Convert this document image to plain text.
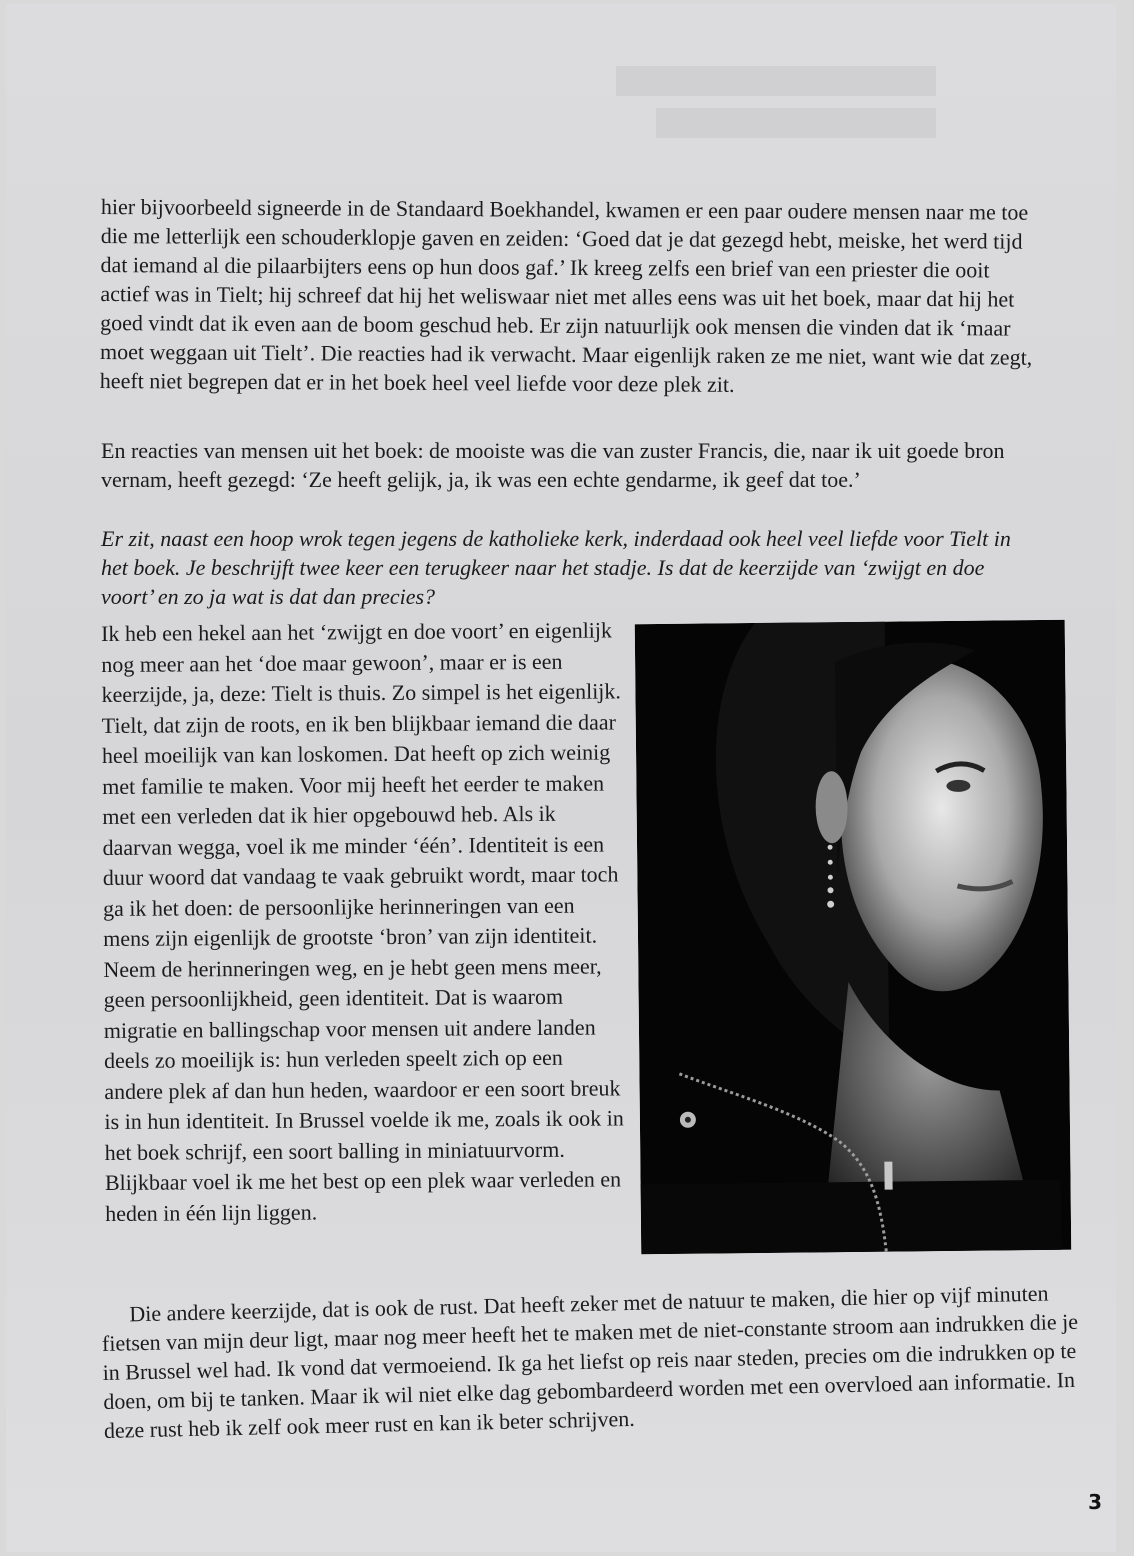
hier bijvoorbeeld signeerde in de Standaard Boekhandel, kwamen er een paar oudere mensen naar me toe die me letterlijk een schouderklopje gaven en zeiden: ‘Goed dat je dat gezegd hebt, meiske, het werd tijd dat iemand al die pilaarbijters eens op hun doos gaf.’ Ik kreeg zelfs een brief van een priester die ooit actief was in Tielt; hij schreef dat hij het weliswaar niet met alles eens was uit het boek, maar dat hij het goed vindt dat ik even aan de boom geschud heb. Er zijn natuurlijk ook mensen die vinden dat ik ‘maar moet weggaan uit Tielt’. Die reacties had ik verwacht. Maar eigenlijk raken ze me niet, want wie dat zegt, heeft niet begrepen dat er in het boek heel veel liefde voor deze plek zit.

En reacties van mensen uit het boek: de mooiste was die van zuster Francis, die, naar ik uit goede bron vernam, heeft gezegd: ‘Ze heeft gelijk, ja, ik was een echte gendarme, ik geef dat toe.’

Er zit, naast een hoop wrok tegen jegens de katholieke kerk, inderdaad ook heel veel liefde voor Tielt in het boek. Je beschrijft twee keer een terugkeer naar het stadje. Is dat de keerzijde van ‘zwijgt en doe voort’ en zo ja wat is dat dan precies?

Ik heb een hekel aan het ‘zwijgt en doe voort’ en eigenlijk nog meer aan het ‘doe maar gewoon’, maar er is een keerzijde, ja, deze: Tielt is thuis. Zo simpel is het eigenlijk. Tielt, dat zijn de roots, en ik ben blijkbaar iemand die daar heel moeilijk van kan loskomen. Dat heeft op zich weinig met familie te maken. Voor mij heeft het eerder te maken met een verleden dat ik hier opgebouwd heb. Als ik daarvan wegga, voel ik me minder ‘één’. Identiteit is een duur woord dat vandaag te vaak gebruikt wordt, maar toch ga ik het doen: de persoonlijke herinneringen van een mens zijn eigenlijk de grootste ‘bron’ van zijn identiteit. Neem de herinneringen weg, en je hebt geen mens meer, geen persoonlijkheid, geen identiteit. Dat is waarom migratie en ballingschap voor mensen uit andere landen deels zo moeilijk is: hun verleden speelt zich op een andere plek af dan hun heden, waardoor er een soort breuk is in hun identiteit. In Brussel voelde ik me, zoals ik ook in het boek schrijf, een soort balling in miniatuurvorm. Blijkbaar voel ik me het best op een plek waar verleden en heden in één lijn liggen.

Die andere keerzijde, dat is ook de rust. Dat heeft zeker met de natuur te maken, die hier op vijf minuten fietsen van mijn deur ligt, maar nog meer heeft het te maken met de niet-constante stroom aan indrukken die je in Brussel wel had. Ik vond dat vermoeiend. Ik ga het liefst op reis naar steden, precies om die indrukken op te doen, om bij te tanken. Maar ik wil niet elke dag gebombardeerd worden met een overvloed aan informatie. In deze rust heb ik zelf ook meer rust en kan ik beter schrijven.

3
